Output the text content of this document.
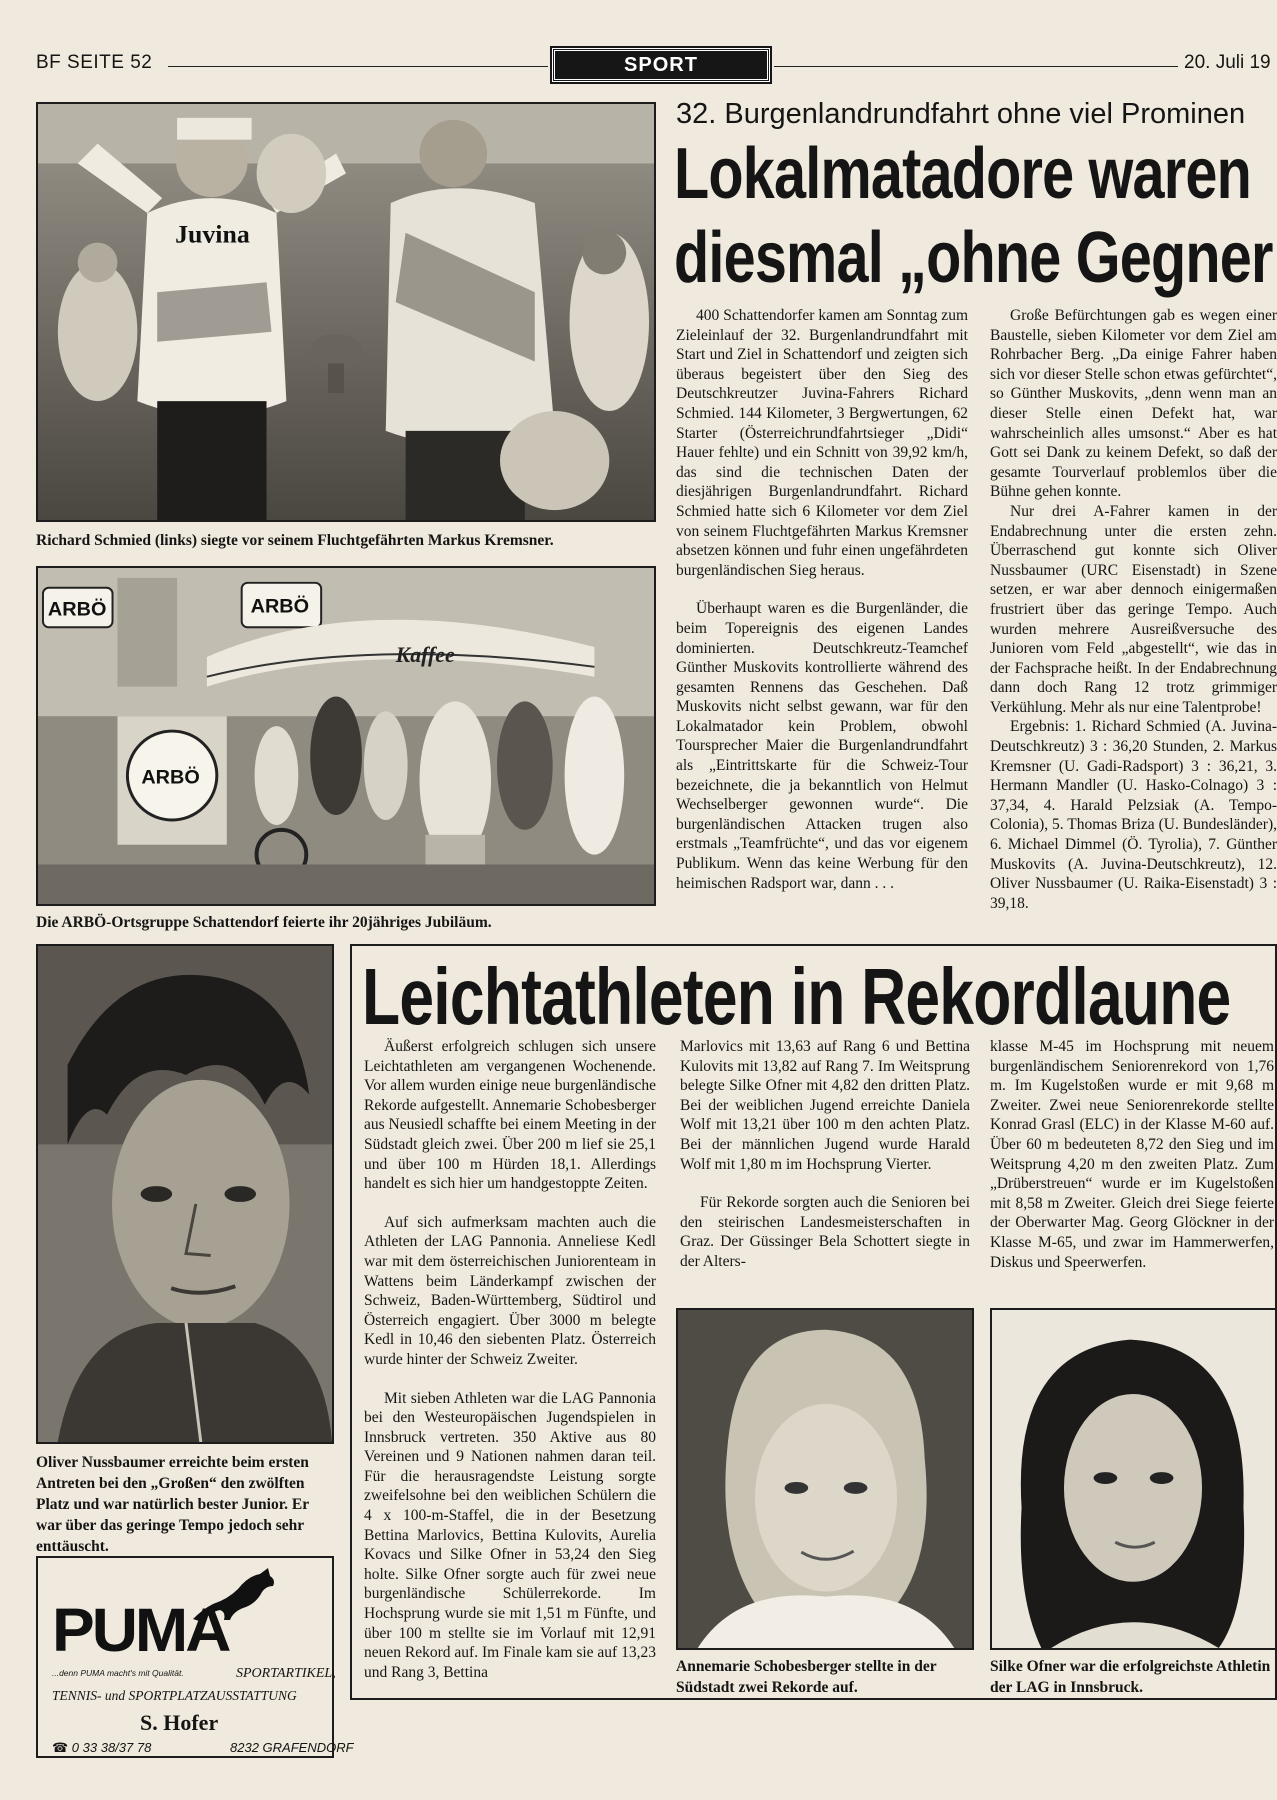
BF SEITE 52	SPORT	20. Juli 19
Juvina
Richard Schmied (links) siegte vor seinem Fluchtgefährten Markus Kremsner.
ARBÖ	ARBÖ
Kaffee
ARBÖ
Die ARBÖ-Ortsgruppe Schattendorf feierte ihr 20jähriges Jubiläum.
32. Burgenlandrundfahrt ohne viel Prominen
Lokalmatadore waren
diesmal „ohne Gegner

400 Schattendorfer kamen am Sonntag zum Zieleinlauf der 32. Burgenlandrundfahrt mit Start und Ziel in Schattendorf und zeigten sich überaus begeistert über den Sieg des Deutschkreutzer Juvina-Fahrers Richard Schmied. 144 Kilometer, 3 Bergwertungen, 62 Starter (Österreichrundfahrtsieger „Didi“ Hauer fehlte) und ein Schnitt von 39,92 km/h, das sind die technischen Daten der diesjährigen Burgenlandrundfahrt. Richard Schmied hatte sich 6 Kilometer vor dem Ziel von seinem Fluchtgefährten Markus Kremsner absetzen können und fuhr einen ungefährdeten burgenländischen Sieg heraus.

Überhaupt waren es die Burgenländer, die beim Topereignis des eigenen Landes dominierten. Deutschkreutz-Teamchef Günther Muskovits kontrollierte während des gesamten Rennens das Geschehen. Daß Muskovits nicht selbst gewann, war für den Lokalmatador kein Problem, obwohl Toursprecher Maier die Burgenlandrundfahrt als „Eintrittskarte für die Schweiz-Tour bezeichnete, die ja bekanntlich von Helmut Wechselberger gewonnen wurde“. Die burgenländischen Attacken trugen also erstmals „Teamfrüchte“, und das vor eigenem Publikum. Wenn das keine Werbung für den heimischen Radsport war, dann . . .

Große Befürchtungen gab es wegen einer Baustelle, sieben Kilometer vor dem Ziel am Rohrbacher Berg. „Da einige Fahrer haben sich vor dieser Stelle schon etwas gefürchtet“, so Günther Muskovits, „denn wenn man an dieser Stelle einen Defekt hat, war wahrscheinlich alles umsonst.“ Aber es hat Gott sei Dank zu keinem Defekt, so daß der gesamte Tourverlauf problemlos über die Bühne gehen konnte.

Nur drei A-Fahrer kamen in der Endabrechnung unter die ersten zehn. Überraschend gut konnte sich Oliver Nussbaumer (URC Eisenstadt) in Szene setzen, er war aber dennoch einigermaßen frustriert über das geringe Tempo. Auch wurden mehrere Ausreißversuche des Junioren vom Feld „abgestellt“, wie das in der Fachsprache heißt. In der Endabrechnung dann doch Rang 12 trotz grimmiger Verkühlung. Mehr als nur eine Talentprobe!

Ergebnis: 1. Richard Schmied (A. Juvina-Deutschkreutz) 3 : 36,20 Stunden, 2. Markus Kremsner (U. Gadi-Radsport) 3 : 36,21, 3. Hermann Mandler (U. Hasko-Colnago) 3 : 37,34, 4. Harald Pelzsiak (A. Tempo-Colonia), 5. Thomas Briza (U. Bundesländer), 6. Michael Dimmel (Ö. Tyrolia), 7. Günther Muskovits (A. Juvina-Deutschkreutz), 12. Oliver Nussbaumer (U. Raika-Eisenstadt) 3 : 39,18.

Oliver Nussbaumer erreichte beim ersten Antreten bei den „Großen“ den zwölften Platz und war natürlich bester Junior. Er war über das geringe Tempo jedoch sehr enttäuscht.
PUMA
...denn PUMA macht's mit Qualität.	SPORTARTIKEL,
TENNIS- und SPORTPLATZAUSSTATTUNG
S. Hofer
☎ 0 33 38/37 78	8232 GRAFENDORF
Leichtathleten in Rekordlaune

Äußerst erfolgreich schlugen sich unsere Leichtathleten am vergangenen Wochenende. Vor allem wurden einige neue burgenländische Rekorde aufgestellt. Annemarie Schobesberger aus Neusiedl schaffte bei einem Meeting in der Südstadt gleich zwei. Über 200 m lief sie 25,1 und über 100 m Hürden 18,1. Allerdings handelt es sich hier um handgestoppte Zeiten.

Auf sich aufmerksam machten auch die Athleten der LAG Pannonia. Anneliese Kedl war mit dem österreichischen Juniorenteam in Wattens beim Länderkampf zwischen der Schweiz, Baden-Württemberg, Südtirol und Österreich engagiert. Über 3000 m belegte Kedl in 10,46 den siebenten Platz. Österreich wurde hinter der Schweiz Zweiter.

Mit sieben Athleten war die LAG Pannonia bei den Westeuropäischen Jugendspielen in Innsbruck vertreten. 350 Aktive aus 80 Vereinen und 9 Nationen nahmen daran teil. Für die herausragendste Leistung sorgte zweifelsohne bei den weiblichen Schülern die 4 x 100-m-Staffel, die in der Besetzung Bettina Marlovics, Bettina Kulovits, Aurelia Kovacs und Silke Ofner in 53,24 den Sieg holte. Silke Ofner sorgte auch für zwei neue burgenländische Schülerrekorde. Im Hochsprung wurde sie mit 1,51 m Fünfte, und über 100 m stellte sie im Vorlauf mit 12,91 neuen Rekord auf. Im Finale kam sie auf 13,23 und Rang 3, Bettina

Marlovics mit 13,63 auf Rang 6 und Bettina Kulovits mit 13,82 auf Rang 7. Im Weitsprung belegte Silke Ofner mit 4,82 den dritten Platz. Bei der weiblichen Jugend erreichte Daniela Wolf mit 13,21 über 100 m den achten Platz. Bei der männlichen Jugend wurde Harald Wolf mit 1,80 m im Hochsprung Vierter.

Für Rekorde sorgten auch die Senioren bei den steirischen Landesmeisterschaften in Graz. Der Güssinger Bela Schottert siegte in der Alters-

klasse M-45 im Hochsprung mit neuem burgenländischem Seniorenrekord von 1,76 m. Im Kugelstoßen wurde er mit 9,68 m Zweiter. Zwei neue Seniorenrekorde stellte Konrad Grasl (ELC) in der Klasse M-60 auf. Über 60 m bedeuteten 8,72 den Sieg und im Weitsprung 4,20 m den zweiten Platz. Zum „Drüberstreuen“ wurde er im Kugelstoßen mit 8,58 m Zweiter. Gleich drei Siege feierte der Oberwarter Mag. Georg Glöckner in der Klasse M-65, und zwar im Hammerwerfen, Diskus und Speerwerfen.

Annemarie Schobesberger stellte in der Südstadt zwei Rekorde auf.
Silke Ofner war die erfolgreichste Athletin der LAG in Innsbruck.
